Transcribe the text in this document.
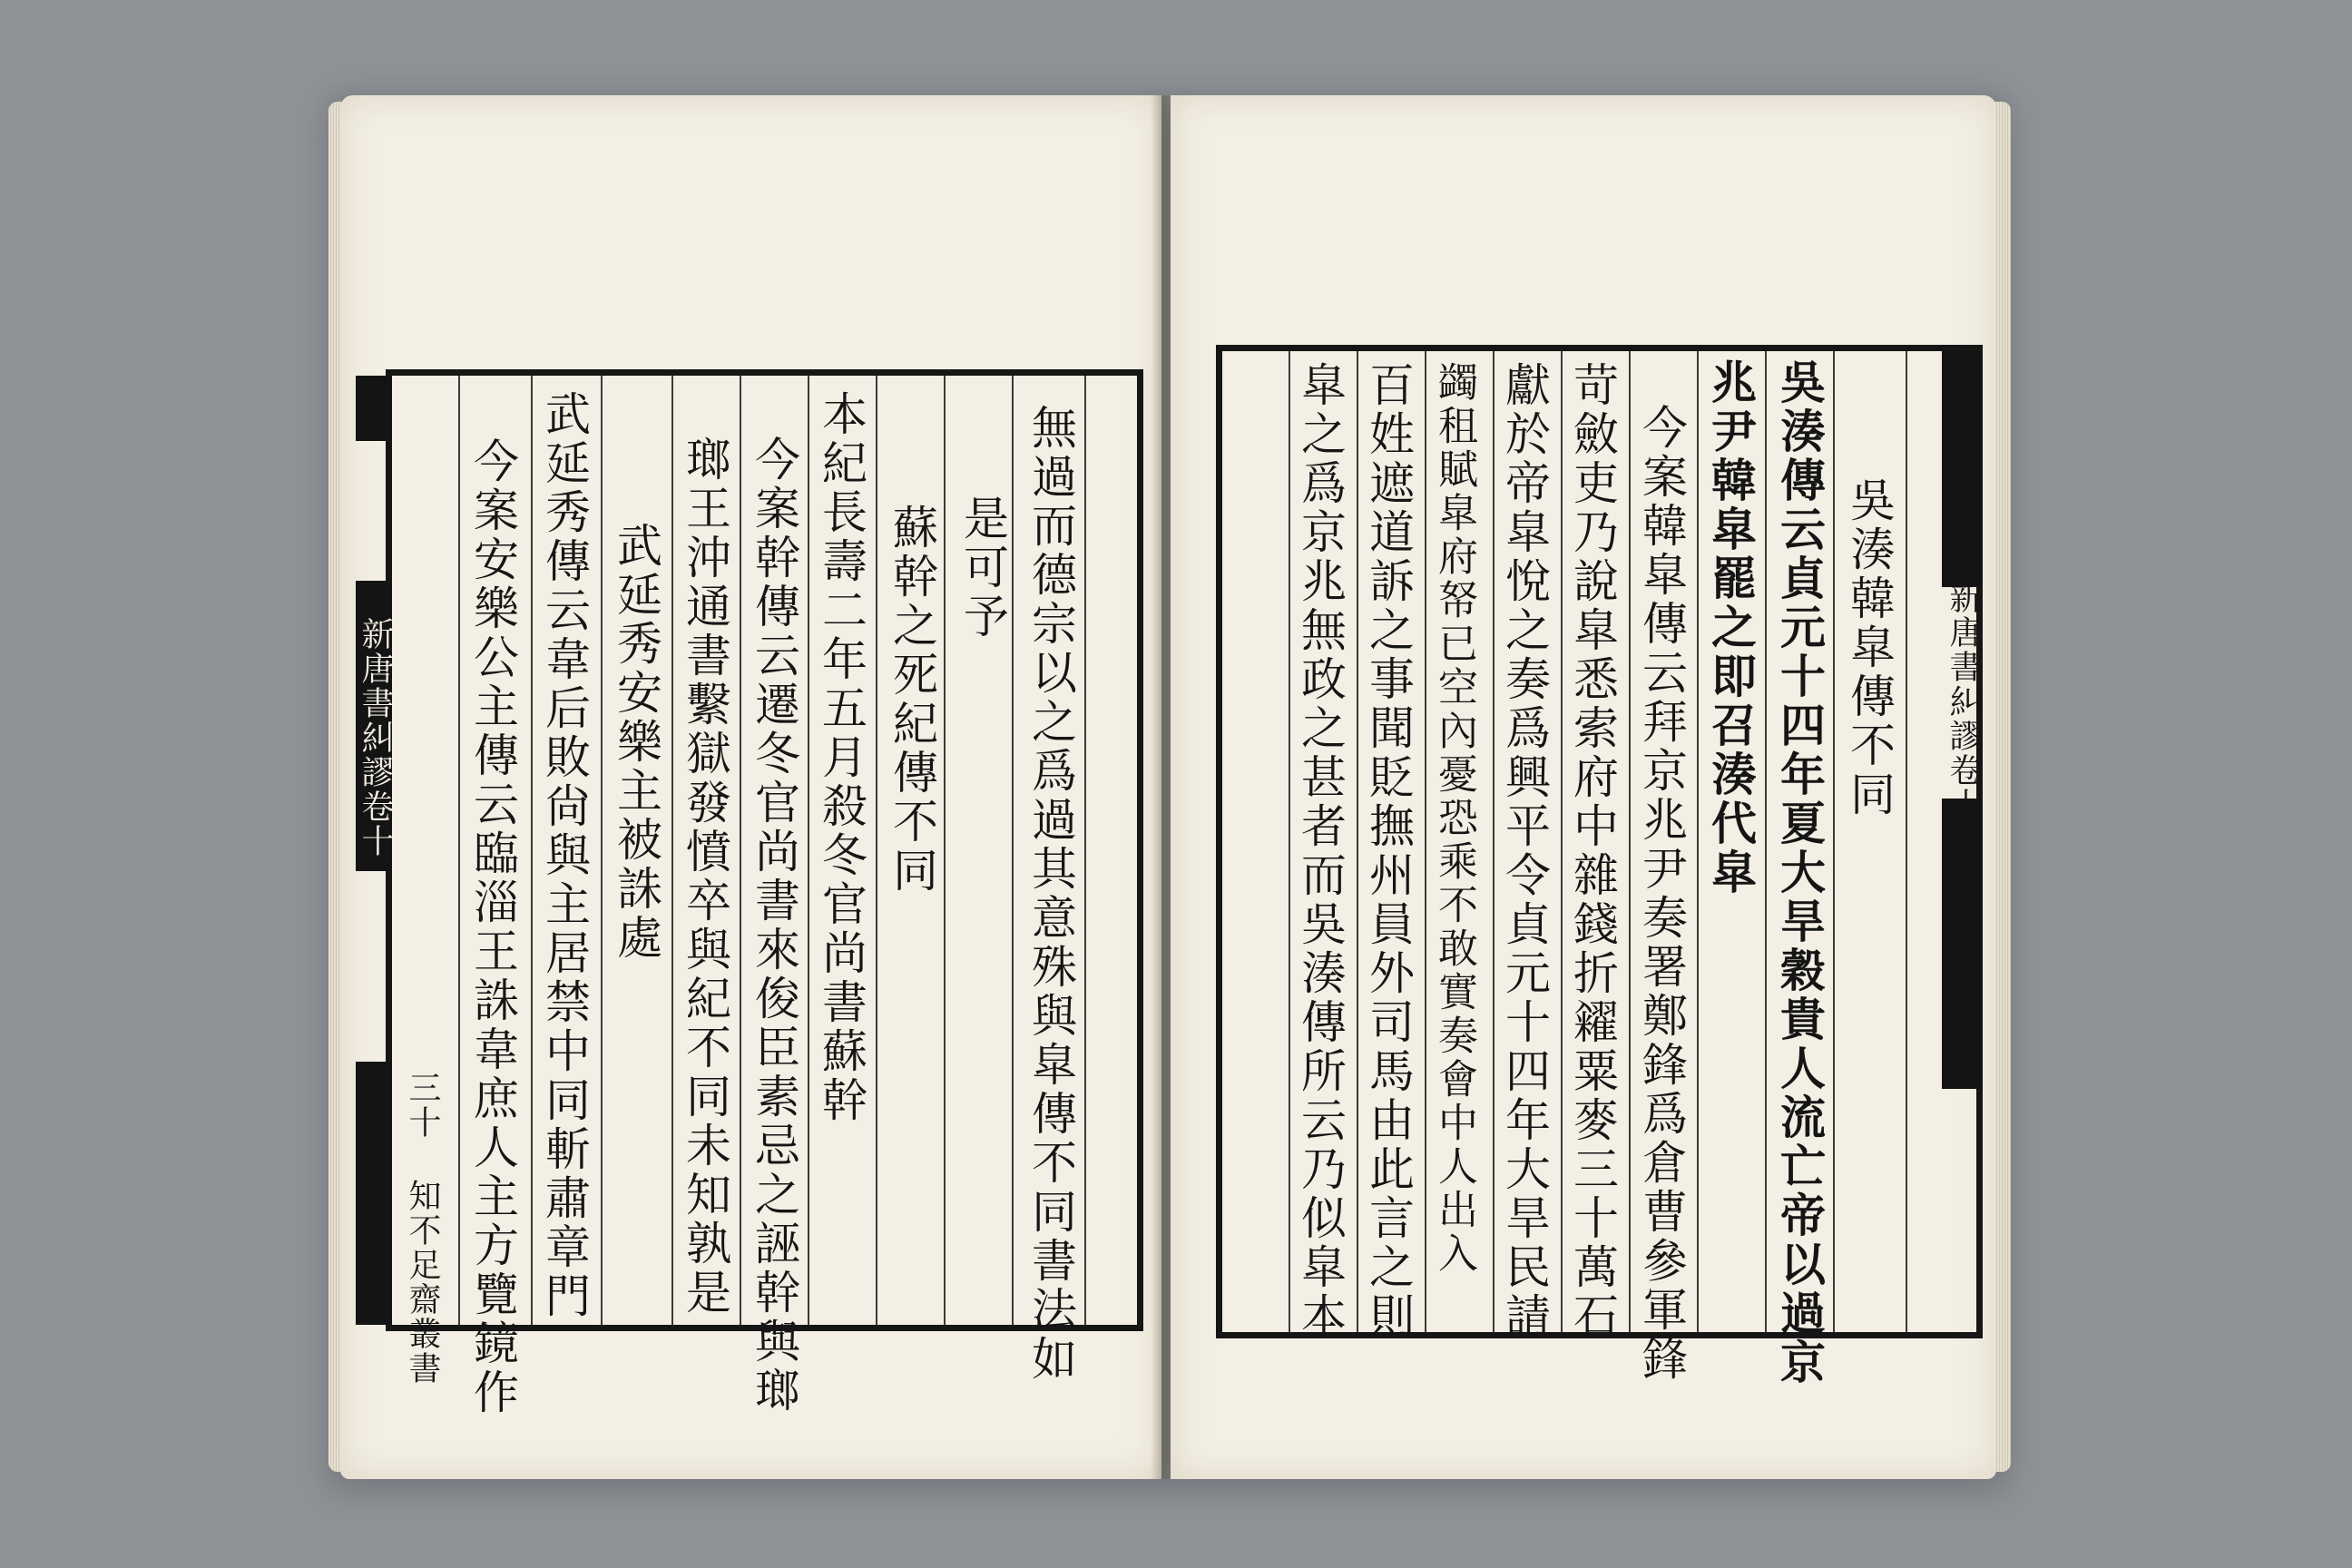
新唐書糾謬卷十
三十 知不足齋叢書	無過而德宗以之爲過其意殊與皐傳不同書法如
是可予
蘇幹之死紀傳不同
本紀長壽二年五月殺冬官尚書蘇幹
今案幹傳云遷冬官尚書來俊臣素忌之誣幹與瑯
瑯王沖通書繫獄發憤卒與紀不同未知孰是
武延秀安樂主被誅處
武延秀傳云韋后敗尙與主居禁中同斬肅章門
今案安樂公主傳云臨淄王誅韋庶人主方覽鏡作
　　　　　　	新唐書糾謬卷十
吳湊韓皐傳不同
吳湊傳云貞元十四年夏大旱穀貴人流亡帝以過京
兆尹韓皐罷之即召湊代皐
今案韓皐傳云拜京兆尹奏署鄭鋒爲倉曹參軍鋒
苛斂吏乃說皐悉索府中雜錢折糴粟麥三十萬石
獻於帝皐悅之奏爲興平令貞元十四年大旱民請
蠲租賦皐府帑已空內憂恐乘不敢實奏會中人出入
百姓遮道訴之事聞貶撫州員外司馬由此言之則
皐之爲京兆無政之甚者而吳湊傳所云乃似皐本
